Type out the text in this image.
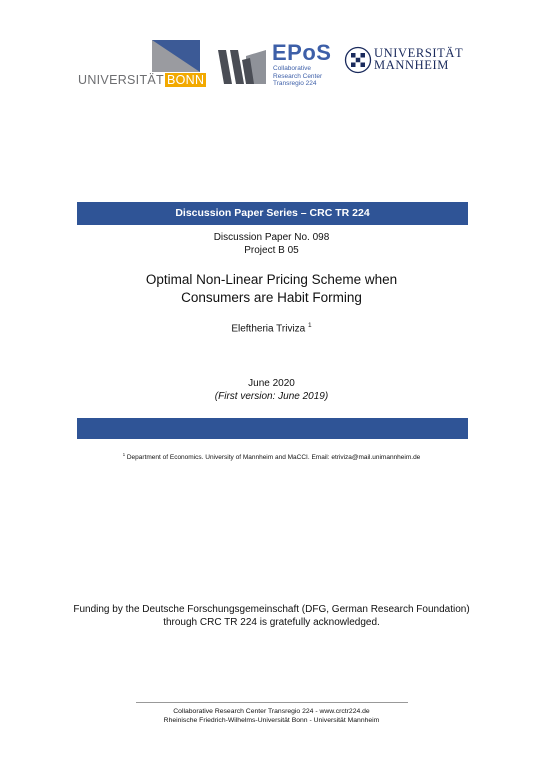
UNIVERSITÄT BONN
EPoS
Collaborative
Research Center
Transregio 224
UNIVERSITÄT
MANNHEIM
Discussion Paper Series – CRC TR 224
Discussion Paper No. 098
Project B 05
Optimal Non-Linear Pricing Scheme when
Consumers are Habit Forming
Eleftheria Triviza $^1$
June 2020
(First version: June 2019)
$^1$ Department of Economics. University of Mannheim and MaCCI. Email: etriviza@mail.unimannheim.de
Funding by the Deutsche Forschungsgemeinschaft (DFG, German Research Foundation)
through CRC TR 224 is gratefully acknowledged.
Collaborative Research Center Transregio 224 - www.crctr224.de
Rheinische Friedrich-Wilhelms-Universität Bonn - Universität Mannheim
